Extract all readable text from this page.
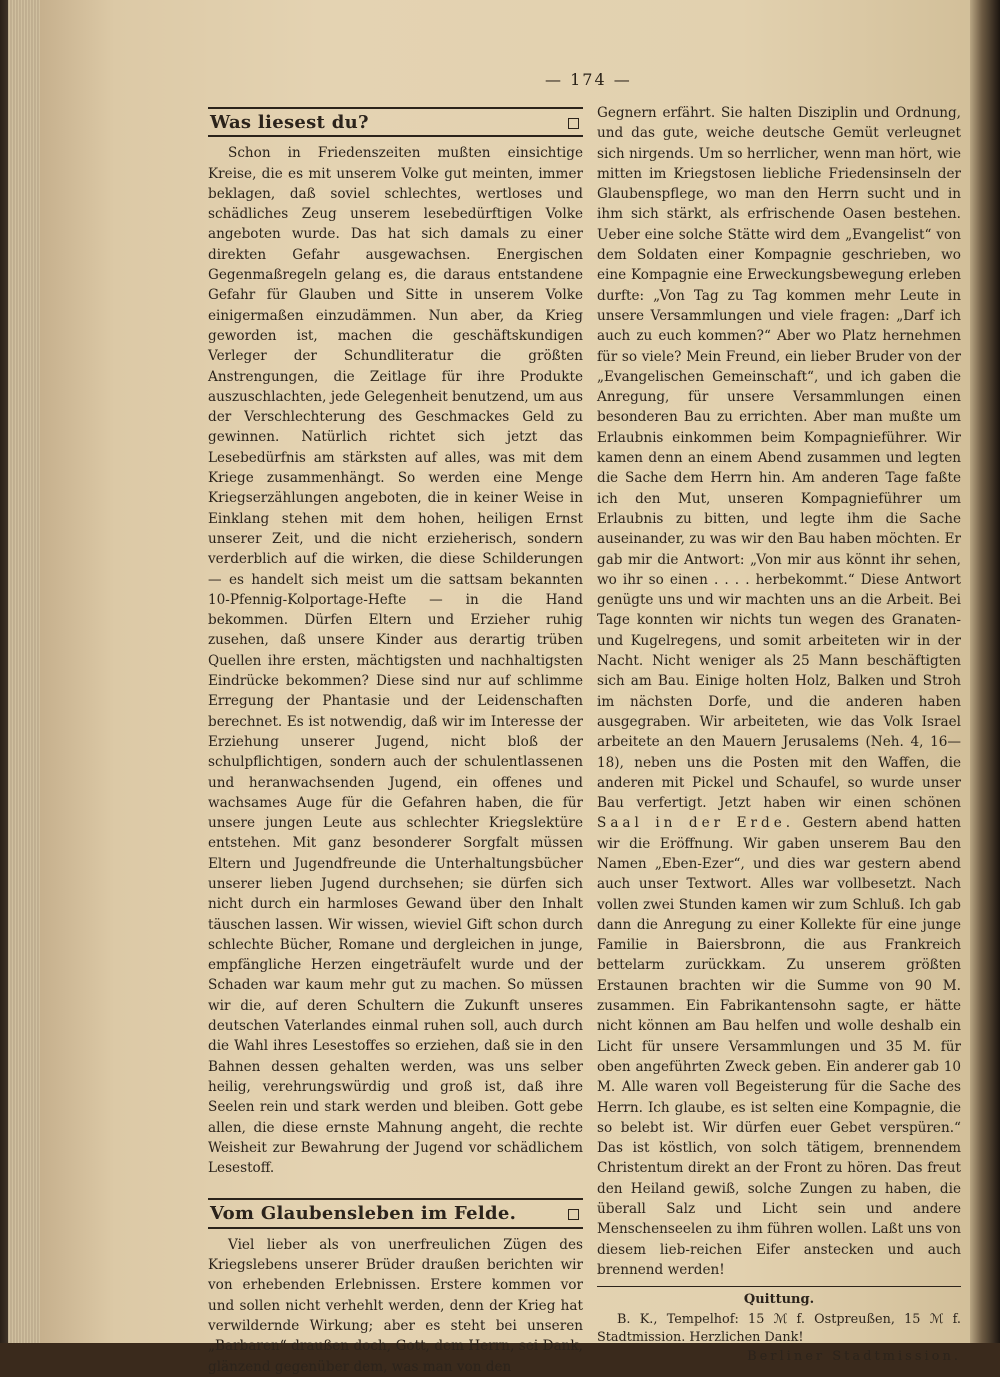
— 174 —
Was liesest du?

Schon in Friedenszeiten mußten einsichtige Kreise, die es mit unserem Volke gut meinten, immer beklagen, daß soviel schlechtes, wertloses und schädliches Zeug unserem lesebedürftigen Volke angeboten wurde. Das hat sich damals zu einer direkten Gefahr ausgewachsen. Energischen Gegenmaßregeln gelang es, die daraus entstandene Gefahr für Glauben und Sitte in unserem Volke einigermaßen einzudämmen. Nun aber, da Krieg geworden ist, machen die geschäftskundigen Verleger der Schundliteratur die größten Anstrengungen, die Zeitlage für ihre Produkte auszuschlachten, jede Gelegenheit benutzend, um aus der Verschlechterung des Geschmackes Geld zu gewinnen. Natürlich richtet sich jetzt das Lesebedürfnis am stärksten auf alles, was mit dem Kriege zusammenhängt. So werden eine Menge Kriegserzählungen angeboten, die in keiner Weise in Einklang stehen mit dem hohen, heiligen Ernst unserer Zeit, und die nicht erzieherisch, sondern verderblich auf die wirken, die diese Schilderungen — es handelt sich meist um die sattsam bekannten 10-Pfennig-Kolportage-Hefte — in die Hand bekommen. Dürfen Eltern und Erzieher ruhig zusehen, daß unsere Kinder aus derartig trüben Quellen ihre ersten, mächtigsten und nachhaltigsten Eindrücke bekommen? Diese sind nur auf schlimme Erregung der Phantasie und der Leidenschaften berechnet. Es ist notwendig, daß wir im Interesse der Erziehung unserer Jugend, nicht bloß der schulpflichtigen, sondern auch der schulentlassenen und heranwachsenden Jugend, ein offenes und wachsames Auge für die Gefahren haben, die für unsere jungen Leute aus schlechter Kriegslektüre entstehen. Mit ganz besonderer Sorgfalt müssen Eltern und Jugendfreunde die Unterhaltungsbücher unserer lieben Jugend durchsehen; sie dürfen sich nicht durch ein harmloses Gewand über den Inhalt täuschen lassen. Wir wissen, wieviel Gift schon durch schlechte Bücher, Romane und dergleichen in junge, empfängliche Herzen eingeträufelt wurde und der Schaden war kaum mehr gut zu machen. So müssen wir die, auf deren Schultern die Zukunft unseres deutschen Vaterlandes einmal ruhen soll, auch durch die Wahl ihres Lesestoffes so erziehen, daß sie in den Bahnen dessen gehalten werden, was uns selber heilig, verehrungswürdig und groß ist, daß ihre Seelen rein und stark werden und bleiben. Gott gebe allen, die diese ernste Mahnung angeht, die rechte Weisheit zur Bewahrung der Jugend vor schädlichem Lesestoff.

Vom Glaubensleben im Felde.

Viel lieber als von unerfreulichen Zügen des Kriegslebens unserer Brüder draußen berichten wir von erhebenden Erlebnissen. Erstere kommen vor und sollen nicht verhehlt werden, denn der Krieg hat verwildernde Wirkung; aber es steht bei unseren „Barbaren“ draußen doch, Gott, dem Herrn, sei Dank, glänzend gegenüber dem, was man von den

Gegnern erfährt. Sie halten Disziplin und Ordnung, und das gute, weiche deutsche Gemüt verleugnet sich nirgends. Um so herrlicher, wenn man hört, wie mitten im Kriegstosen liebliche Friedensinseln der Glaubenspflege, wo man den Herrn sucht und in ihm sich stärkt, als erfrischende Oasen bestehen. Ueber eine solche Stätte wird dem „Evangelist“ von dem Soldaten einer Kompagnie geschrieben, wo eine Kompagnie eine Erweckungsbewegung erleben durfte: „Von Tag zu Tag kommen mehr Leute in unsere Versammlungen und viele fragen: „Darf ich auch zu euch kommen?“ Aber wo Platz hernehmen für so viele? Mein Freund, ein lieber Bruder von der „Evangelischen Gemeinschaft“, und ich gaben die Anregung, für unsere Versammlungen einen besonderen Bau zu errichten. Aber man mußte um Erlaubnis einkommen beim Kompagnieführer. Wir kamen denn an einem Abend zusammen und legten die Sache dem Herrn hin. Am anderen Tage faßte ich den Mut, unseren Kompagnieführer um Erlaubnis zu bitten, und legte ihm die Sache auseinander, zu was wir den Bau haben möchten. Er gab mir die Antwort: „Von mir aus könnt ihr sehen, wo ihr so einen . . . . herbekommt.“ Diese Antwort genügte uns und wir machten uns an die Arbeit. Bei Tage konnten wir nichts tun wegen des Granaten- und Kugelregens, und somit arbeiteten wir in der Nacht. Nicht weniger als 25 Mann beschäftigten sich am Bau. Einige holten Holz, Balken und Stroh im nächsten Dorfe, und die anderen haben ausgegraben. Wir arbeiteten, wie das Volk Israel arbeitete an den Mauern Jerusalems (Neh. 4, 16—18), neben uns die Posten mit den Waffen, die anderen mit Pickel und Schaufel, so wurde unser Bau verfertigt. Jetzt haben wir einen schönen Saal in der Erde. Gestern abend hatten wir die Eröffnung. Wir gaben unserem Bau den Namen „Eben-Ezer“, und dies war gestern abend auch unser Textwort. Alles war vollbesetzt. Nach vollen zwei Stunden kamen wir zum Schluß. Ich gab dann die Anregung zu einer Kollekte für eine junge Familie in Baiersbronn, die aus Frankreich bettelarm zurückkam. Zu unserem größten Erstaunen brachten wir die Summe von 90 M. zusammen. Ein Fabrikantensohn sagte, er hätte nicht können am Bau helfen und wolle deshalb ein Licht für unsere Versammlungen und 35 M. für oben angeführten Zweck geben. Ein anderer gab 10 M. Alle waren voll Begeisterung für die Sache des Herrn. Ich glaube, es ist selten eine Kompagnie, die so belebt ist. Wir dürfen euer Gebet verspüren.“ Das ist köstlich, von solch tätigem, brennendem Christentum direkt an der Front zu hören. Das freut den Heiland gewiß, solche Zungen zu haben, die überall Salz und Licht sein und andere Menschenseelen zu ihm führen wollen. Laßt uns von diesem lieb-reichen Eifer anstecken und auch brennend werden!

Quittung.

B. K., Tempelhof: 15 ℳ f. Ostpreußen, 15 ℳ f. Stadtmission. Herzlichen Dank!

Berliner Stadtmission.
